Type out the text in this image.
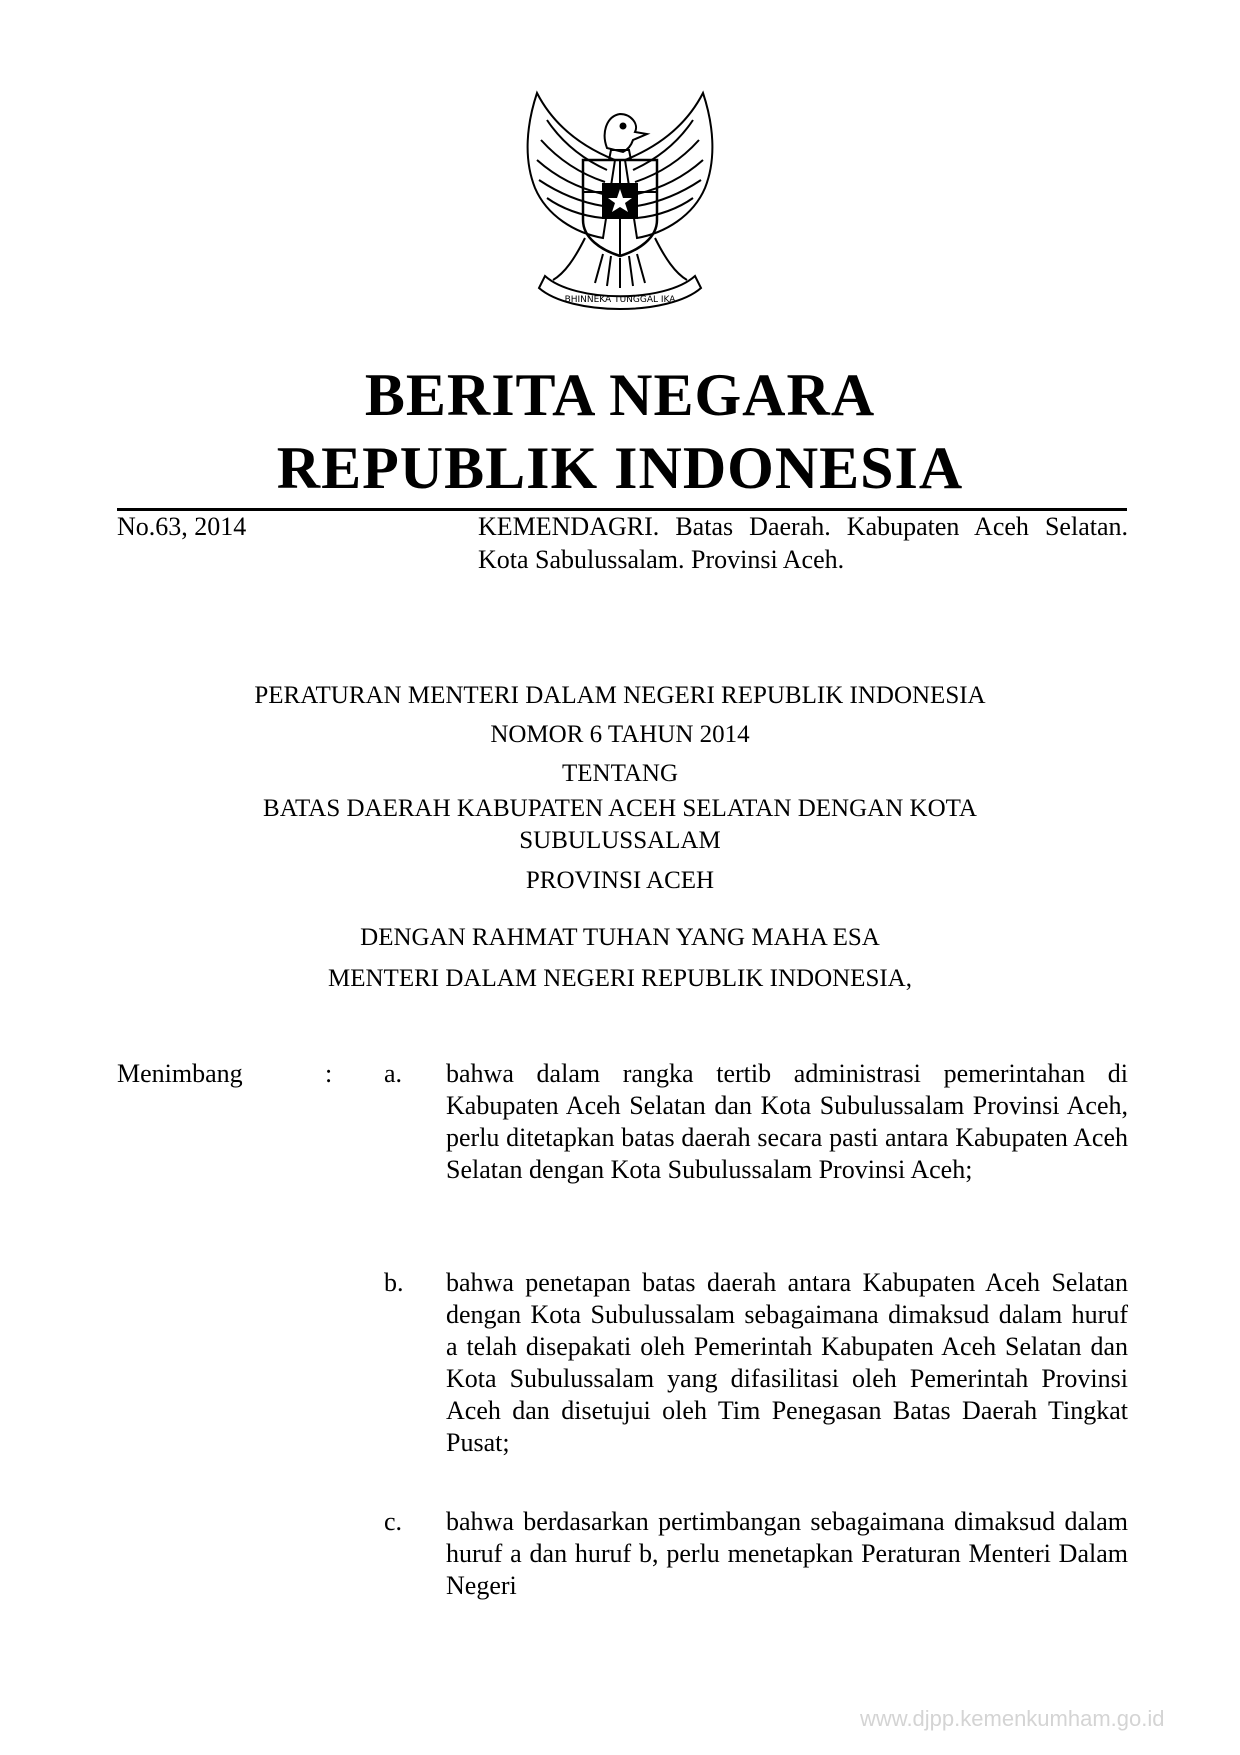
BHINNEKA TUNGGAL IKA
BERITA NEGARA
REPUBLIK INDONESIA
No.63, 2014	KEMENDAGRI. Batas Daerah. Kabupaten Aceh Selatan. Kota Sabulussalam. Provinsi Aceh.
PERATURAN MENTERI DALAM NEGERI REPUBLIK INDONESIA
NOMOR 6 TAHUN 2014
TENTANG
BATAS DAERAH KABUPATEN ACEH SELATAN DENGAN KOTA SUBULUSSALAM
PROVINSI ACEH
DENGAN RAHMAT TUHAN YANG MAHA ESA
MENTERI DALAM NEGERI REPUBLIK INDONESIA,
Menimbang	: a. bahwa dalam rangka tertib administrasi pemerintahan di Kabupaten Aceh Selatan dan Kota Subulussalam Provinsi Aceh, perlu ditetapkan batas daerah secara pasti antara Kabupaten Aceh Selatan dengan Kota Subulussalam Provinsi Aceh;
b. bahwa penetapan batas daerah antara Kabupaten Aceh Selatan dengan Kota Subulussalam sebagaimana dimaksud dalam huruf a telah disepakati oleh Pemerintah Kabupaten Aceh Selatan dan Kota Subulussalam yang difasilitasi oleh Pemerintah Provinsi Aceh dan disetujui oleh Tim Penegasan Batas Daerah Tingkat Pusat;
c. bahwa berdasarkan pertimbangan sebagaimana dimaksud dalam huruf a dan huruf b, perlu menetapkan Peraturan Menteri Dalam Negeri
www.djpp.kemenkumham.go.id
